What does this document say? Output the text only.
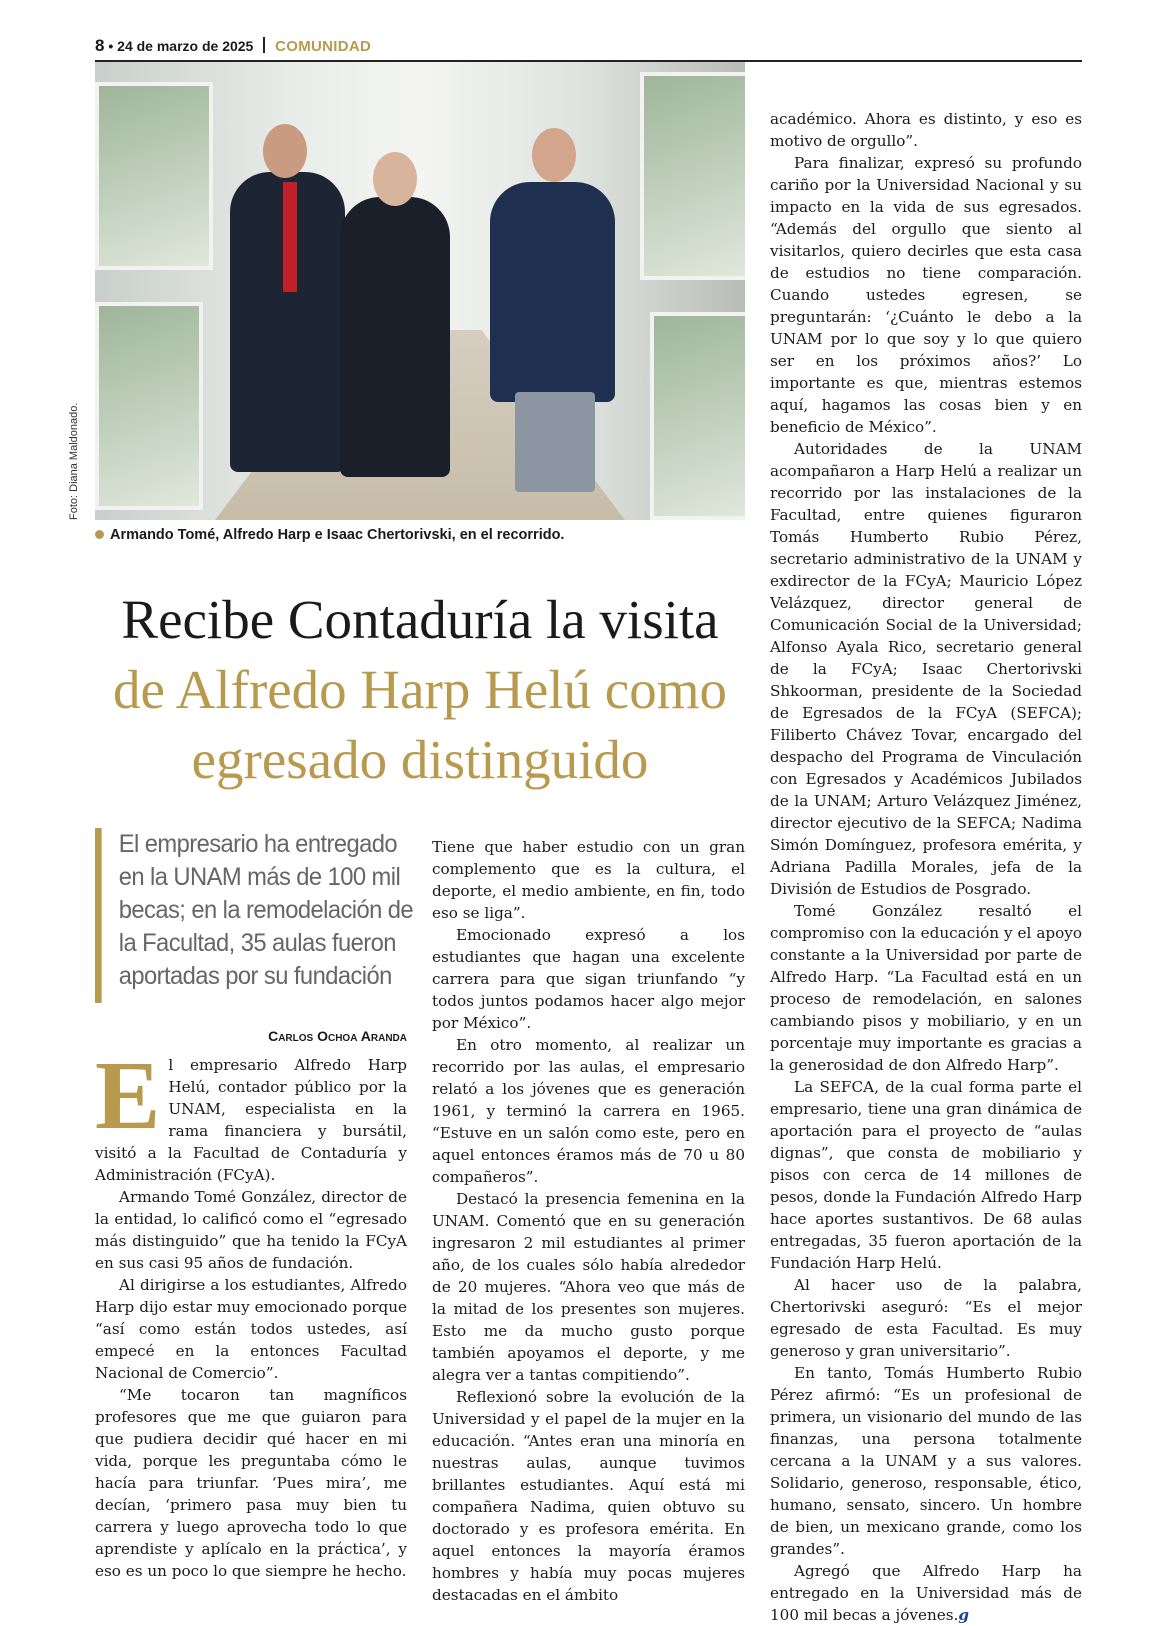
8 • 24 de marzo de 2025 COMUNIDAD
Foto: Diana Maldonado.
Armando Tomé, Alfredo Harp e Isaac Chertorivski, en el recorrido.
Recibe Contaduría la visita
de Alfredo Harp Helú como egresado distinguido
El empresario ha entregado en la UNAM más de 100 mil becas; en la remodelación de la Facultad, 35 aulas fueron aportadas por su fundación
Carlos Ochoa Aranda

El empresario Alfredo Harp Helú, contador público por la UNAM, especialista en la rama financiera y bursátil, visitó a la Facultad de Contaduría y Administración (FCyA).

Armando Tomé González, director de la entidad, lo calificó como el “egresado más distinguido” que ha tenido la FCyA en sus casi 95 años de fundación.

Al dirigirse a los estudiantes, Alfredo Harp dijo estar muy emocionado porque “así como están todos ustedes, así empecé en la entonces Facultad Nacional de Comercio”.

“Me tocaron tan magníficos profesores que me que guiaron para que pudiera decidir qué hacer en mi vida, porque les preguntaba cómo le hacía para triunfar. ‘Pues mira’, me decían, ‘primero pasa muy bien tu carrera y luego aprovecha todo lo que aprendiste y aplícalo en la práctica’, y eso es un poco lo que siempre he hecho.

Tiene que haber estudio con un gran complemento que es la cultura, el deporte, el medio ambiente, en fin, todo eso se liga”.

Emocionado expresó a los estudiantes que hagan una excelente carrera para que sigan triunfando “y todos juntos podamos hacer algo mejor por México”.

En otro momento, al realizar un recorrido por las aulas, el empresario relató a los jóvenes que es generación 1961, y terminó la carrera en 1965. “Estuve en un salón como este, pero en aquel entonces éramos más de 70 u 80 compañeros”.

Destacó la presencia femenina en la UNAM. Comentó que en su generación ingresaron 2 mil estudiantes al primer año, de los cuales sólo había alrededor de 20 mujeres. “Ahora veo que más de la mitad de los presentes son mujeres. Esto me da mucho gusto porque también apoyamos el deporte, y me alegra ver a tantas compitiendo”.

Reflexionó sobre la evolución de la Universidad y el papel de la mujer en la educación. “Antes eran una minoría en nuestras aulas, aunque tuvimos brillantes estudiantes. Aquí está mi compañera Nadima, quien obtuvo su doctorado y es profesora emérita. En aquel entonces la mayoría éramos hombres y había muy pocas mujeres destacadas en el ámbito

académico. Ahora es distinto, y eso es motivo de orgullo”.

Para finalizar, expresó su profundo cariño por la Universidad Nacional y su impacto en la vida de sus egresados. “Además del orgullo que siento al visitarlos, quiero decirles que esta casa de estudios no tiene comparación. Cuando ustedes egresen, se preguntarán: ‘¿Cuánto le debo a la UNAM por lo que soy y lo que quiero ser en los próximos años?’ Lo importante es que, mientras estemos aquí, hagamos las cosas bien y en beneficio de México”.

Autoridades de la UNAM acompañaron a Harp Helú a realizar un recorrido por las instalaciones de la Facultad, entre quienes figuraron Tomás Humberto Rubio Pérez, secretario administrativo de la UNAM y exdirector de la FCyA; Mauricio López Velázquez, director general de Comunicación Social de la Universidad; Alfonso Ayala Rico, secretario general de la FCyA; Isaac Chertorivski Shkoorman, presidente de la Sociedad de Egresados de la FCyA (SEFCA); Filiberto Chávez Tovar, encargado del despacho del Programa de Vinculación con Egresados y Académicos Jubilados de la UNAM; Arturo Velázquez Jiménez, director ejecutivo de la SEFCA; Nadima Simón Domínguez, profesora emérita, y Adriana Padilla Morales, jefa de la División de Estudios de Posgrado.

Tomé González resaltó el compromiso con la educación y el apoyo constante a la Universidad por parte de Alfredo Harp. “La Facultad está en un proceso de remodelación, en salones cambiando pisos y mobiliario, y en un porcentaje muy importante es gracias a la generosidad de don Alfredo Harp”.

La SEFCA, de la cual forma parte el empresario, tiene una gran dinámica de aportación para el proyecto de “aulas dignas”, que consta de mobiliario y pisos con cerca de 14 millones de pesos, donde la Fundación Alfredo Harp hace aportes sustantivos. De 68 aulas entregadas, 35 fueron aportación de la Fundación Harp Helú.

Al hacer uso de la palabra, Chertorivski aseguró: “Es el mejor egresado de esta Facultad. Es muy generoso y gran universitario”.

En tanto, Tomás Humberto Rubio Pérez afirmó: “Es un profesional de primera, un visionario del mundo de las finanzas, una persona totalmente cercana a la UNAM y a sus valores. Solidario, generoso, responsable, ético, humano, sensato, sincero. Un hombre de bien, un mexicano grande, como los grandes”.

Agregó que Alfredo Harp ha entregado en la Universidad más de 100 mil becas a jóvenes.g
